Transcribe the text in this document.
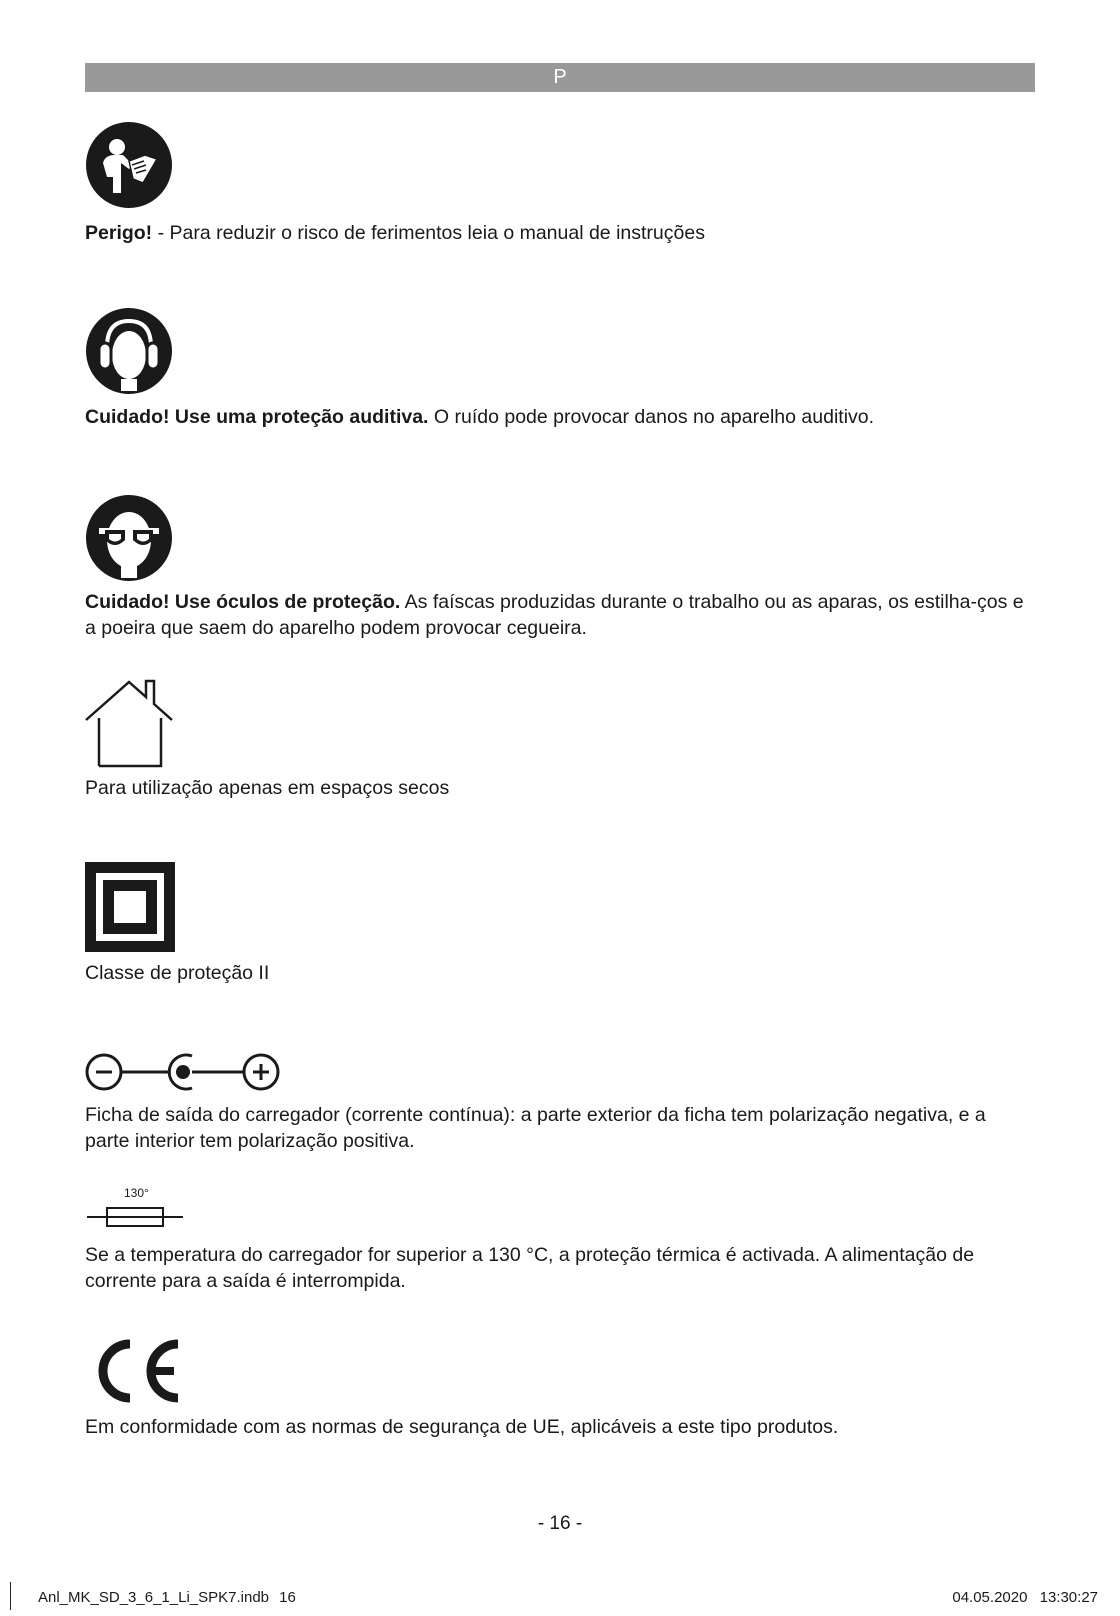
P
Perigo! - Para reduzir o risco de ferimentos leia o manual de instruções
Cuidado! Use uma proteção auditiva. O ruído pode provocar danos no aparelho auditivo.
Cuidado! Use óculos de proteção. As faíscas produzidas durante o trabalho ou as aparas, os estilha-ços e a poeira que saem do aparelho podem provocar cegueira.
Para utilização apenas em espaços secos
Classe de proteção II
Ficha de saída do carregador (corrente contínua): a parte exterior da ficha tem polarização negativa, e a parte interior tem polarização positiva.
130°
Se a temperatura do carregador for superior a 130 °C, a proteção térmica é activada. A alimentação de corrente para a saída é interrompida.
Em conformidade com as normas de segurança de UE, aplicáveis a este tipo produtos.
- 16 -
Anl_MK_SD_3_6_1_Li_SPK7.indb 16	04.05.2020 13:30:27
